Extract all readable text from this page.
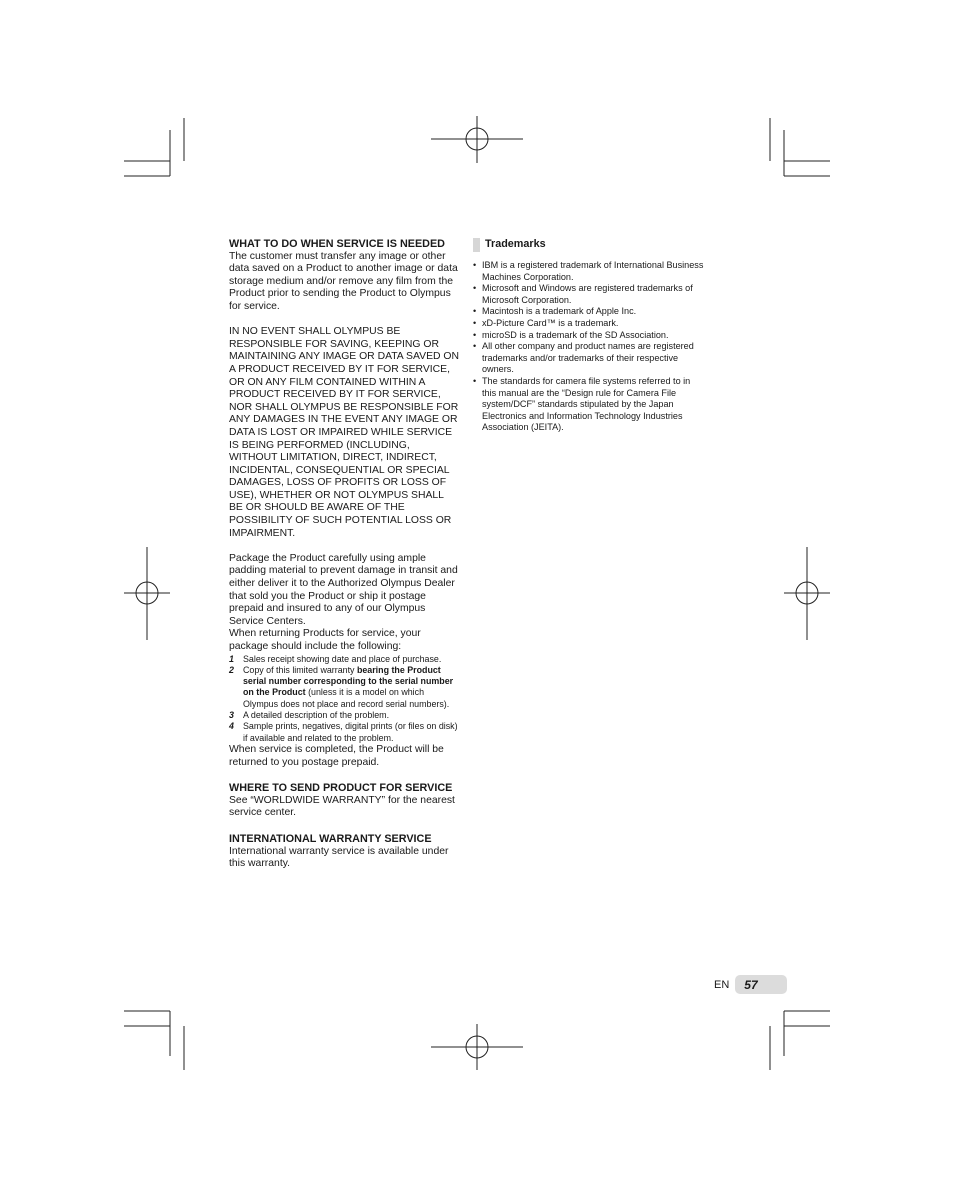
WHAT TO DO WHEN SERVICE IS NEEDED

The customer must transfer any image or other data saved on a Product to another image or data storage medium and/or remove any film from the Product prior to sending the Product to Olympus for service.

IN NO EVENT SHALL OLYMPUS BE RESPONSIBLE FOR SAVING, KEEPING OR MAINTAINING ANY IMAGE OR DATA SAVED ON A PRODUCT RECEIVED BY IT FOR SERVICE, OR ON ANY FILM CONTAINED WITHIN A PRODUCT RECEIVED BY IT FOR SERVICE, NOR SHALL OLYMPUS BE RESPONSIBLE FOR ANY DAMAGES IN THE EVENT ANY IMAGE OR DATA IS LOST OR IMPAIRED WHILE SERVICE IS BEING PERFORMED (INCLUDING, WITHOUT LIMITATION, DIRECT, INDIRECT, INCIDENTAL, CONSEQUENTIAL OR SPECIAL DAMAGES, LOSS OF PROFITS OR LOSS OF USE), WHETHER OR NOT OLYMPUS SHALL BE OR SHOULD BE AWARE OF THE POSSIBILITY OF SUCH POTENTIAL LOSS OR IMPAIRMENT.

Package the Product carefully using ample padding material to prevent damage in transit and either deliver it to the Authorized Olympus Dealer that sold you the Product or ship it postage prepaid and insured to any of our Olympus Service Centers.

When returning Products for service, your package should include the following:

1 Sales receipt showing date and place of purchase.
2 Copy of this limited warranty bearing the Product serial number corresponding to the serial number on the Product (unless it is a model on which Olympus does not place and record serial numbers).
3 A detailed description of the problem.
4 Sample prints, negatives, digital prints (or files on disk) if available and related to the problem.

When service is completed, the Product will be returned to you postage prepaid.

WHERE TO SEND PRODUCT FOR SERVICE

See “WORLDWIDE WARRANTY” for the nearest service center.

INTERNATIONAL WARRANTY SERVICE

International warranty service is available under this warranty.

Trademarks
• IBM is a registered trademark of International Business Machines Corporation.
• Microsoft and Windows are registered trademarks of Microsoft Corporation.
• Macintosh is a trademark of Apple Inc.
• xD-Picture Card™ is a trademark.
• microSD is a trademark of the SD Association.
• All other company and product names are registered trademarks and/or trademarks of their respective owners.
• The standards for camera file systems referred to in this manual are the “Design rule for Camera File system/DCF” standards stipulated by the Japan Electronics and Information Technology Industries Association (JEITA).
EN	57
